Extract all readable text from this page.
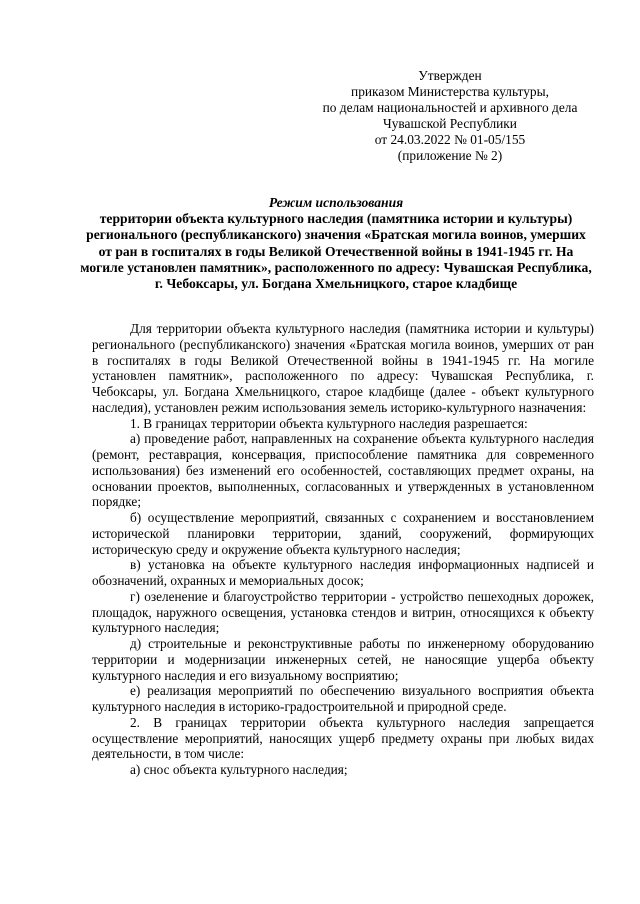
Утвержден
приказом Министерства культуры,
по делам национальностей и архивного дела
Чувашской Республики
от 24.03.2022 № 01-05/155
(приложение № 2)
Режим использования
территории объекта культурного наследия (памятника истории и культуры) регионального (республиканского) значения «Братская могила воинов, умерших от ран в госпиталях в годы Великой Отечественной войны в 1941-1945 гг. На могиле установлен памятник», расположенного по адресу: Чувашская Республика, г. Чебоксары, ул. Богдана Хмельницкого, старое кладбище

Для территории объекта культурного наследия (памятника истории и культуры) регионального (республиканского) значения «Братская могила воинов, умерших от ран в госпиталях в годы Великой Отечественной войны в 1941-1945 гг. На могиле установлен памятник», расположенного по адресу: Чувашская Республика, г. Чебоксары, ул. Богдана Хмельницкого, старое кладбище (далее - объект культурного наследия), установлен режим использования земель историко-культурного назначения:

1. В границах территории объекта культурного наследия разрешается:

а) проведение работ, направленных на сохранение объекта культурного наследия (ремонт, реставрация, консервация, приспособление памятника для современного использования) без изменений его особенностей, составляющих предмет охраны, на основании проектов, выполненных, согласованных и утвержденных в установленном порядке;

б) осуществление мероприятий, связанных с сохранением и восстановлением исторической планировки территории, зданий, сооружений, формирующих историческую среду и окружение объекта культурного наследия;

в) установка на объекте культурного наследия информационных надписей и обозначений, охранных и мемориальных досок;

г) озеленение и благоустройство территории - устройство пешеходных дорожек, площадок, наружного освещения, установка стендов и витрин, относящихся к объекту культурного наследия;

д) строительные и реконструктивные работы по инженерному оборудованию территории и модернизации инженерных сетей, не наносящие ущерба объекту культурного наследия и его визуальному восприятию;

е) реализация мероприятий по обеспечению визуального восприятия объекта культурного наследия в историко-градостроительной и природной среде.

2. В границах территории объекта культурного наследия запрещается осуществление мероприятий, наносящих ущерб предмету охраны при любых видах деятельности, в том числе:

а) снос объекта культурного наследия;
